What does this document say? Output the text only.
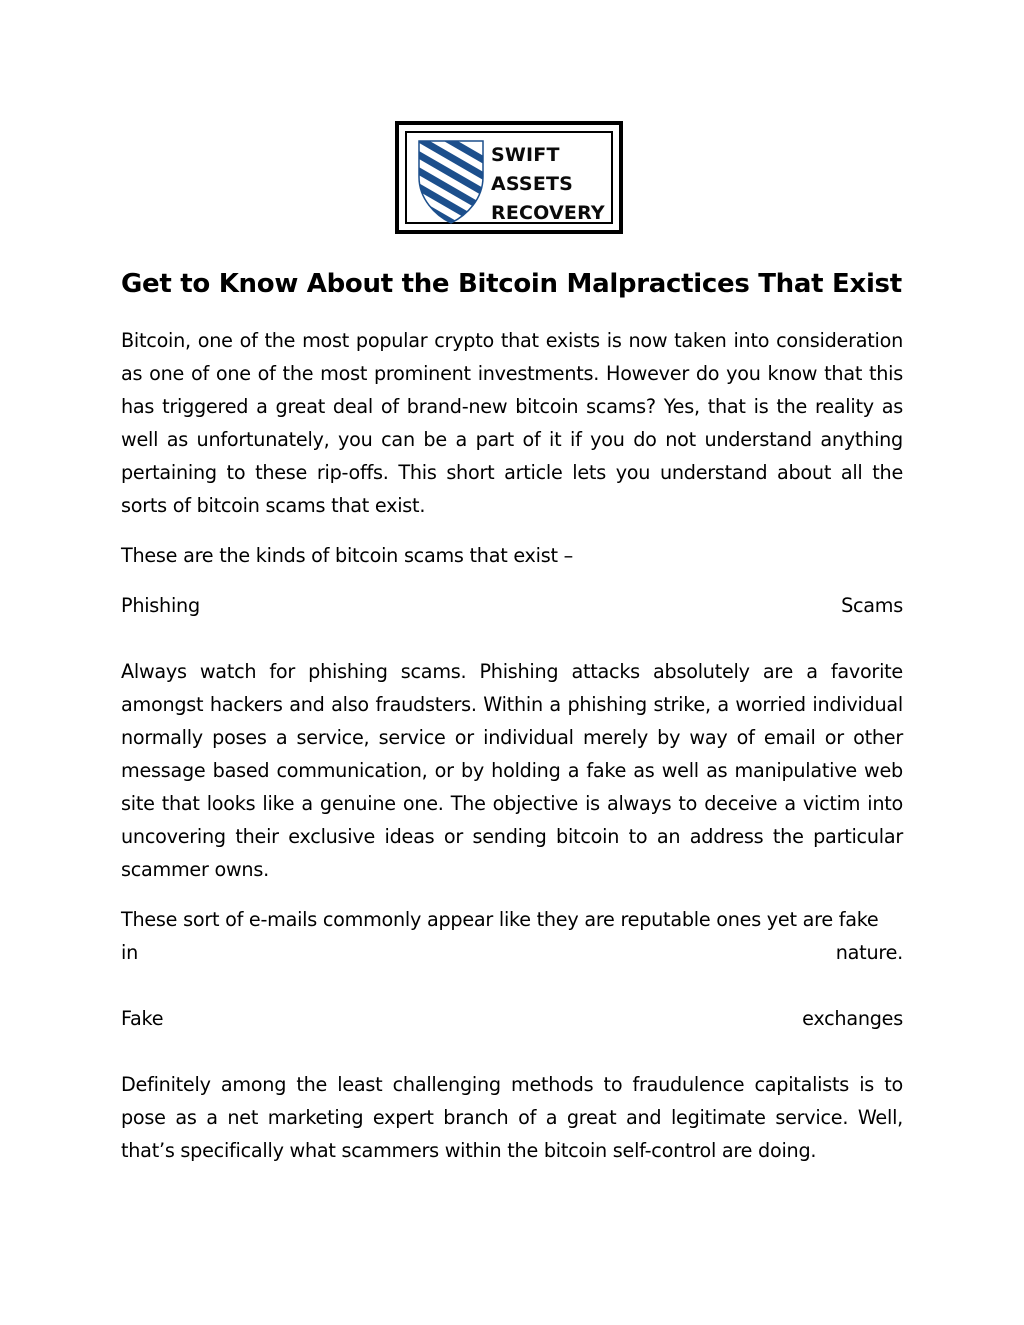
SWIFT
ASSETS
RECOVERY
Get to Know About the Bitcoin Malpractices That Exist

Bitcoin, one of the most popular crypto that exists is now taken into consideration as one of one of the most prominent investments. However do you know that this has triggered a great deal of brand-new bitcoin scams? Yes, that is the reality as well as unfortunately, you can be a part of it if you do not understand anything pertaining to these rip-offs. This short article lets you understand about all the sorts of bitcoin scams that exist.

These are the kinds of bitcoin scams that exist –

Phishing	Scams

Always watch for phishing scams. Phishing attacks absolutely are a favorite amongst hackers and also fraudsters. Within a phishing strike, a worried individual normally poses a service, service or individual merely by way of email or other message based communication, or by holding a fake as well as manipulative web site that looks like a genuine one. The objective is always to deceive a victim into uncovering their exclusive ideas or sending bitcoin to an address the particular scammer owns.

These sort of e-mails commonly appear like they are reputable ones yet are fake
in	nature.
Fake	exchanges

Definitely among the least challenging methods to fraudulence capitalists is to pose as a net marketing expert branch of a great and legitimate service. Well, that’s specifically what scammers within the bitcoin self-control are doing.
